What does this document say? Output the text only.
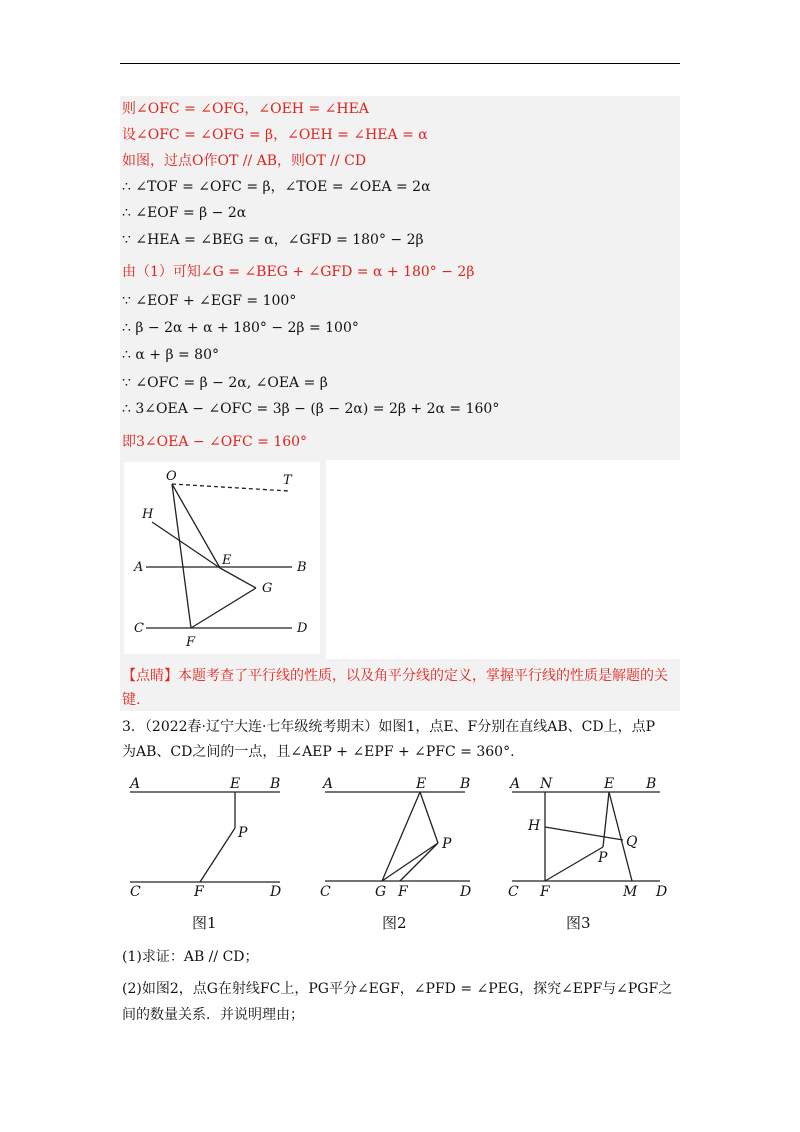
则∠OFC = ∠OFG，∠OEH = ∠HEA
设∠OFC = ∠OFG = β，∠OEH = ∠HEA = α
如图，过点O作OT // AB，则OT // CD
∴ ∠TOF = ∠OFC = β，∠TOE = ∠OEA = 2α
∴ ∠EOF = β − 2α
∵ ∠HEA = ∠BEG = α，∠GFD = 180° − 2β
由（1）可知∠G = ∠BEG + ∠GFD = α + 180° − 2β
∵ ∠EOF + ∠EGF = 100°
∴ β − 2α + α + 180° − 2β = 100°
∴ α + β = 80°
∵ ∠OFC = β − 2α, ∠OEA = β
∴ 3∠OEA − ∠OFC = 3β − (β − 2α) = 2β + 2α = 160°
即3∠OEA − ∠OFC = 160°
O	T
H
A	E	B
G
C
F
D
【点睛】本题考查了平行线的性质，以及角平分线的定义，掌握平行线的性质是解题的关键.
3．（2022春·辽宁大连·七年级统考期末）如图1，点E、F分别在直线AB、CD上，点P
为AB、CD之间的一点，且∠AEP + ∠EPF + ∠PFC = 360°.
A	E B
P
C	F	D
A	E B
P
C	G F	D
A N	E B
H
Q
P
C F	M D
图1	图2	图3
(1)求证：AB // CD；
(2)如图2，点G在射线FC上，PG平分∠EGF，∠PFD = ∠PEG，探究∠EPF与∠PGF之
间的数量关系．并说明理由；
